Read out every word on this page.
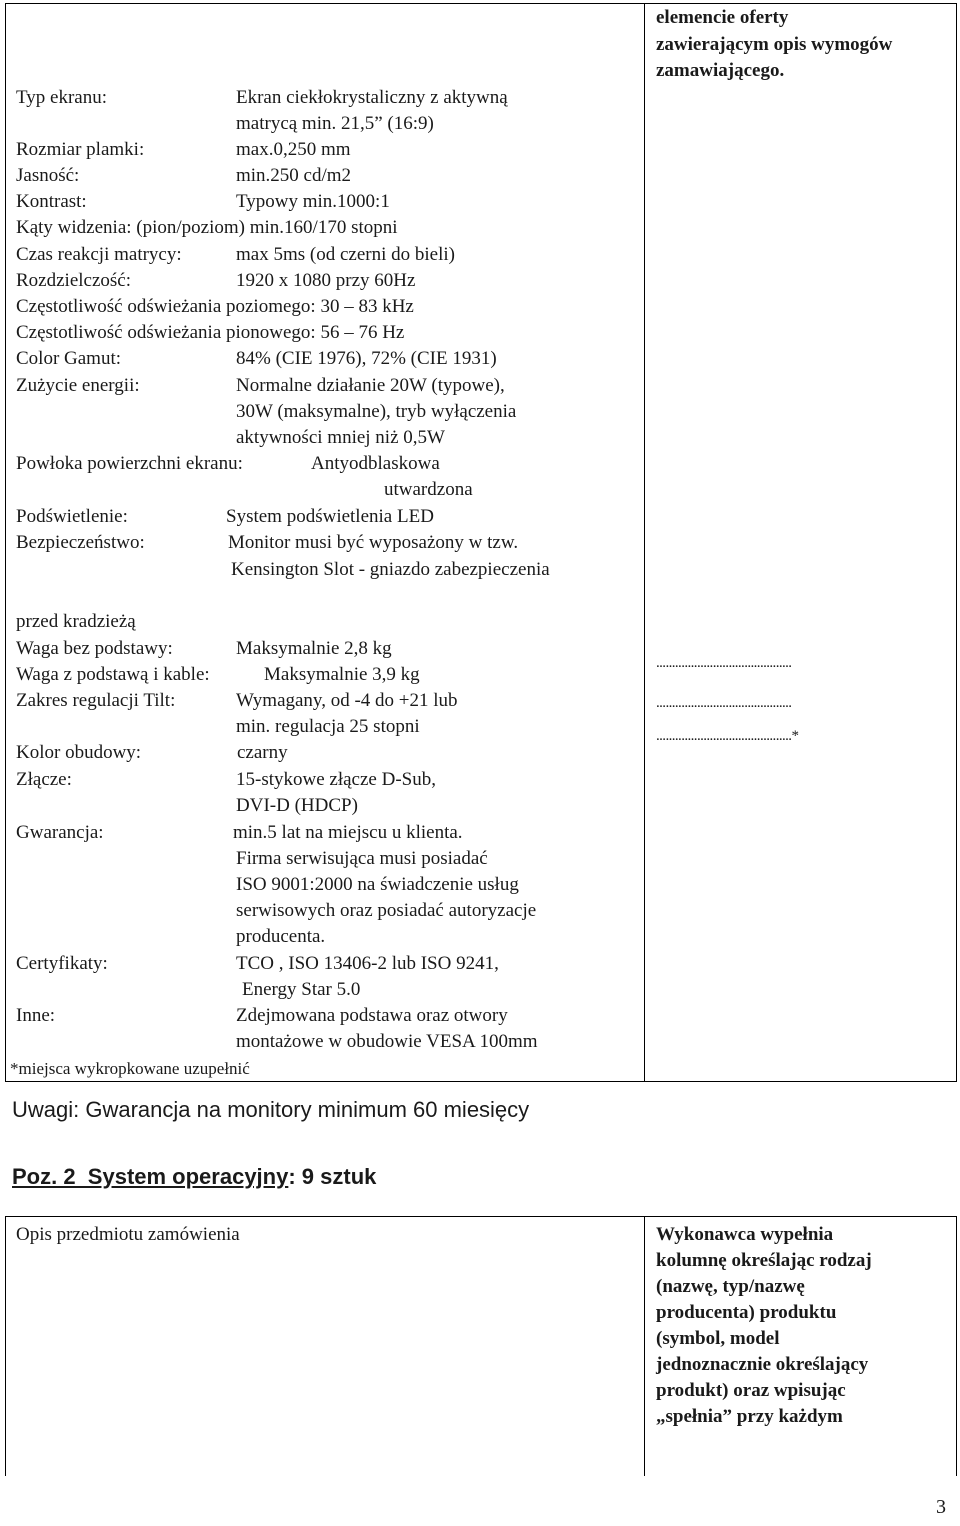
elemencie oferty
zawierającym opis wymogów
zamawiającego.
Typ ekranu:	Ekran ciekłokrystaliczny z aktywną
matrycą min. 21,5” (16:9)
Rozmiar plamki:	max.0,250 mm
Jasność:	min.250 cd/m2
Kontrast:	Typowy min.1000:1
Kąty widzenia: (pion/poziom) min.160/170 stopni
Czas reakcji matrycy:	max 5ms (od czerni do bieli)
Rozdzielczość:	1920 x 1080 przy 60Hz
Częstotliwość odświeżania poziomego: 30 – 83 kHz
Częstotliwość odświeżania pionowego: 56 – 76 Hz
Color Gamut:	84% (CIE 1976), 72% (CIE 1931)
Zużycie energii:	Normalne działanie 20W (typowe),
30W (maksymalne), tryb wyłączenia
aktywności mniej niż 0,5W
Powłoka powierzchni ekranu:	Antyodblaskowa
utwardzona
Podświetlenie:	System podświetlenia LED
Bezpieczeństwo:	Monitor musi być wyposażony w tzw.
Kensington Slot - gniazdo zabezpieczenia
przed kradzieżą
Waga bez podstawy:	Maksymalnie 2,8 kg
Waga z podstawą i kable:	Maksymalnie 3,9 kg
Zakres regulacji Tilt:	Wymagany, od -4 do +21 lub
min. regulacja 25 stopni
Kolor obudowy:	czarny
Złącze:	15-stykowe złącze D-Sub,
DVI-D (HDCP)
Gwarancja:	min.5 lat na miejscu u klienta.
Firma serwisująca musi posiadać
ISO 9001:2000 na świadczenie usług
serwisowych oraz posiadać autoryzacje
producenta.
Certyfikaty:	TCO , ISO 13406-2 lub ISO 9241,
Energy Star 5.0
Inne:	Zdejmowana podstawa oraz otwory
montażowe w obudowie VESA 100mm
*miejsca wykropkowane uzupełnić
...........................................
...........................................
...........................................*
Uwagi: Gwarancja na monitory minimum 60 miesięcy
Poz. 2  System operacyjny: 9 sztuk
Opis przedmiotu zamówienia	Wykonawca wypełnia
kolumnę określając rodzaj
(nazwę, typ/nazwę
producenta) produktu
(symbol, model
jednoznacznie określający
produkt) oraz wpisując
„spełnia” przy każdym
3
